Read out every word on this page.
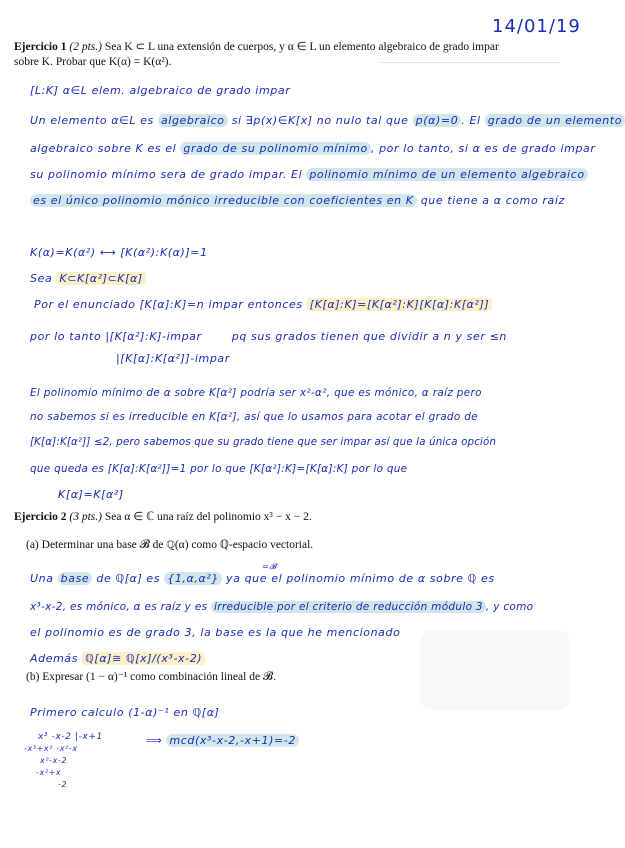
14/01/19
Ejercicio 1 (2 pts.) Sea K ⊂ L una extensión de cuerpos, y α ∈ L un elemento algebraico de grado impar
sobre K. Probar que K(α) = K(α²).
[L:K] α∈L elem. algebraico de grado impar
Un elemento α∈L es algebraico si ∃p(x)∈K[x] no nulo tal que p(α)=0 . El grado de un elemento
algebraico sobre K es el grado de su polinomio mínimo , por lo tanto, si α es de grado impar
su polinomio mínimo sera de grado impar. El polinomio mínimo de un elemento algebraico
es el único polinomio mónico irreducible con coeficientes en K que tiene a α como raíz
K(α)=K(α²) ⟷ [K(α²):K(α)]=1
Sea K⊂K[α²]⊂K[α]
Por el enunciado [K[α]:K]=n impar entonces [K[α]:K]=[K[α²]:K][K[α]:K[α²]]
por lo tanto |[K[α²]:K]-impar	pq sus grados tienen que dividir a n y ser ≤n
|[K[α]:K[α²]]-impar
El polinomio mínimo de α sobre K[α²] podría ser x²-α², que es mónico, α raíz pero
no sabemos si es irreducible en K[α²], así que lo usamos para acotar el grado de
[K[α]:K[α²]] ≤2, pero sabemos que su grado tiene que ser impar así que la única opción
que queda es [K[α]:K[α²]]=1 por lo que [K[α²]:K]=[K[α]:K] por lo que
K[α]=K[α²]
Ejercicio 2 (3 pts.) Sea α ∈ ℂ una raíz del polinomio x³ − x − 2.
(a) Determinar una base 𝓑 de ℚ(α) como ℚ-espacio vectorial.
=𝓑
Una base de ℚ[α] es {1,α,α²} ya que el polinomio mínimo de α sobre ℚ es
x³-x-2, es mónico, α es raíz y es irreducible por el criterio de reducción módulo 3 , y como
el polinomio es de grado 3, la base es la que he mencionado
Además ℚ[α]≅ ℚ[x]/(x³-x-2)
(b) Expresar (1 − α)⁻¹ como combinación lineal de 𝓑.
Primero calculo (1-α)⁻¹ en ℚ[α]
x³ -x-2 |-x+1
-x³+x² -x²-x
x²-x-2
-x²+x
-2
⟹ mcd(x³-x-2,-x+1)=-2
